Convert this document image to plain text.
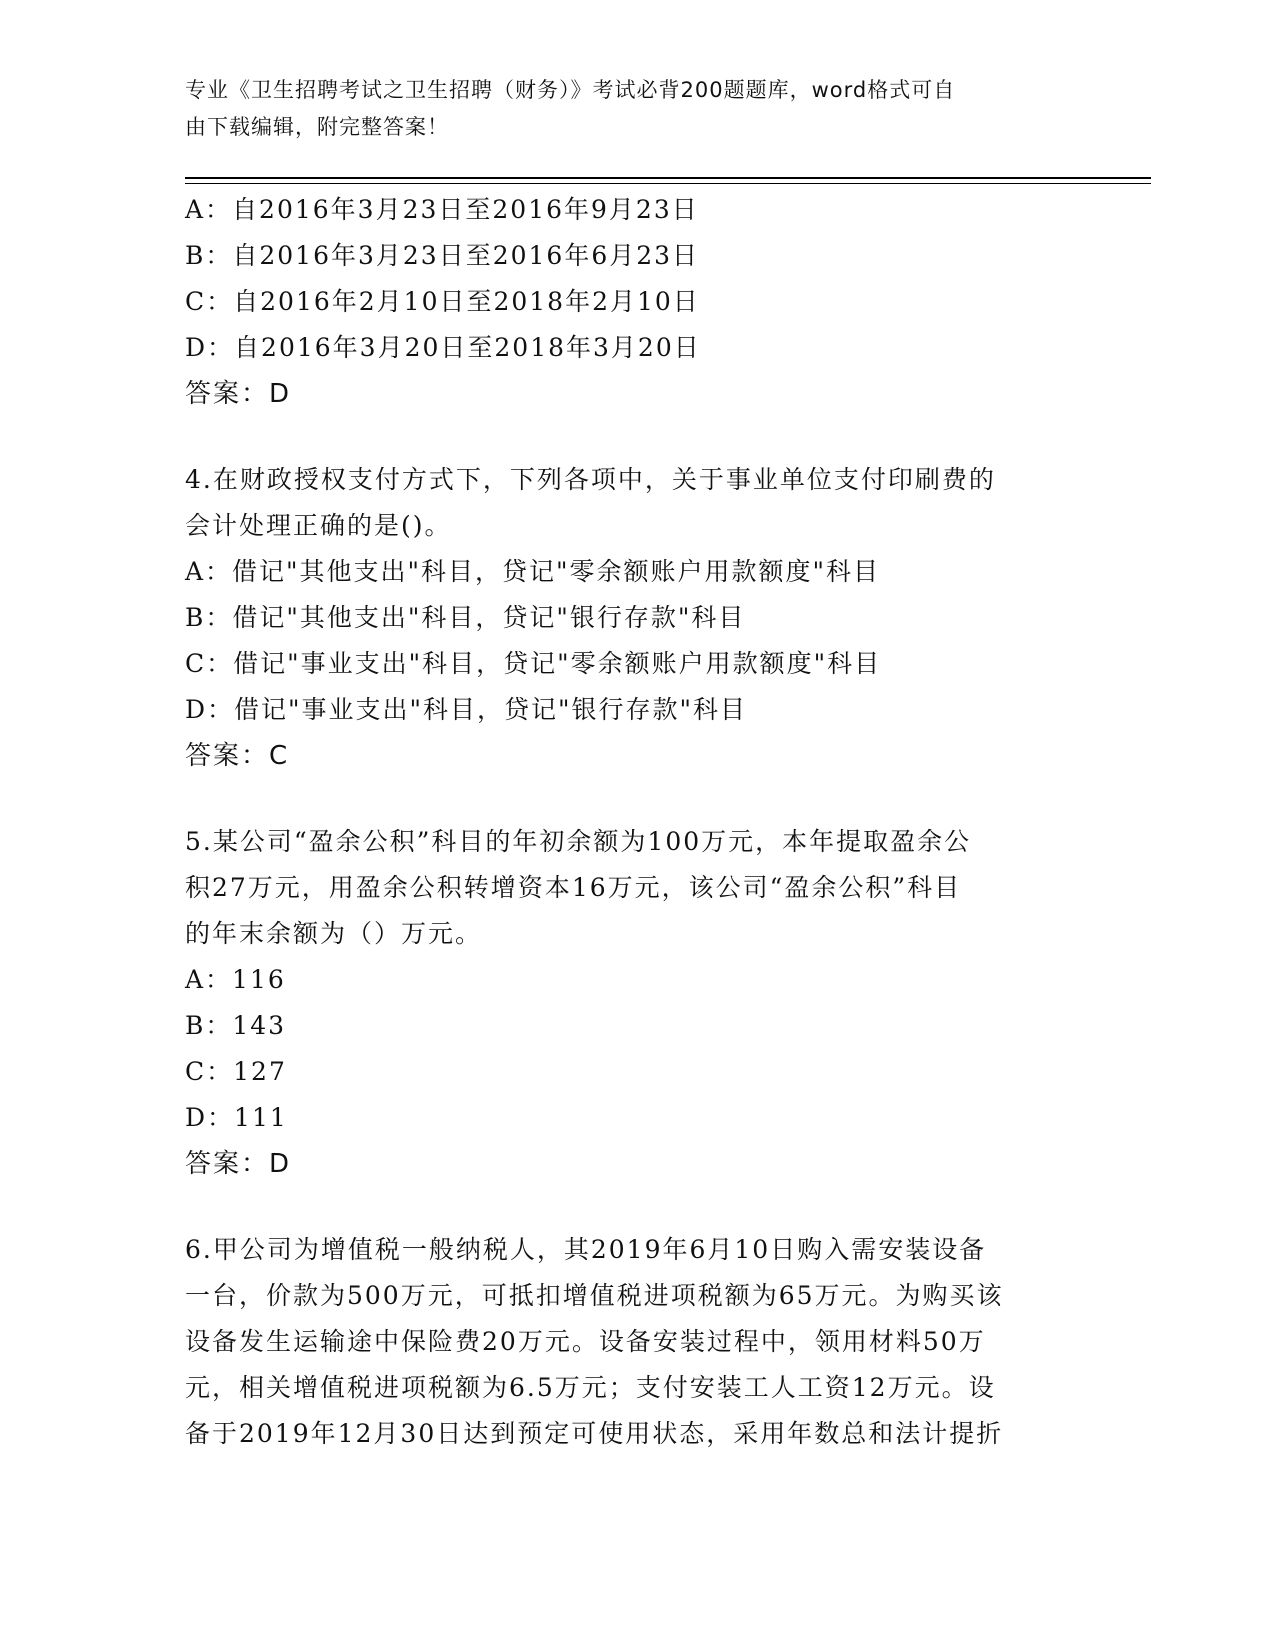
专业《卫生招聘考试之卫生招聘（财务）》考试必背200题题库，word格式可自
由下载编辑，附完整答案！
A：自2016年3月23日至2016年9月23日
B：自2016年3月23日至2016年6月23日
C：自2016年2月10日至2018年2月10日
D：自2016年3月20日至2018年3月20日
答案：D
4.在财政授权支付方式下，下列各项中，关于事业单位支付印刷费的
会计处理正确的是()。
A：借记"其他支出"科目，贷记"零余额账户用款额度"科目
B：借记"其他支出"科目，贷记"银行存款"科目
C：借记"事业支出"科目，贷记"零余额账户用款额度"科目
D：借记"事业支出"科目，贷记"银行存款"科目
答案：C
5.某公司“盈余公积”科目的年初余额为100万元，本年提取盈余公
积27万元，用盈余公积转增资本16万元，该公司“盈余公积”科目
的年末余额为（）万元。
A：116
B：143
C：127
D：111
答案：D
6.甲公司为增值税一般纳税人，其2019年6月10日购入需安装设备
一台，价款为500万元，可抵扣增值税进项税额为65万元。为购买该
设备发生运输途中保险费20万元。设备安装过程中，领用材料50万
元，相关增值税进项税额为6.5万元；支付安装工人工资12万元。设
备于2019年12月30日达到预定可使用状态，采用年数总和法计提折
